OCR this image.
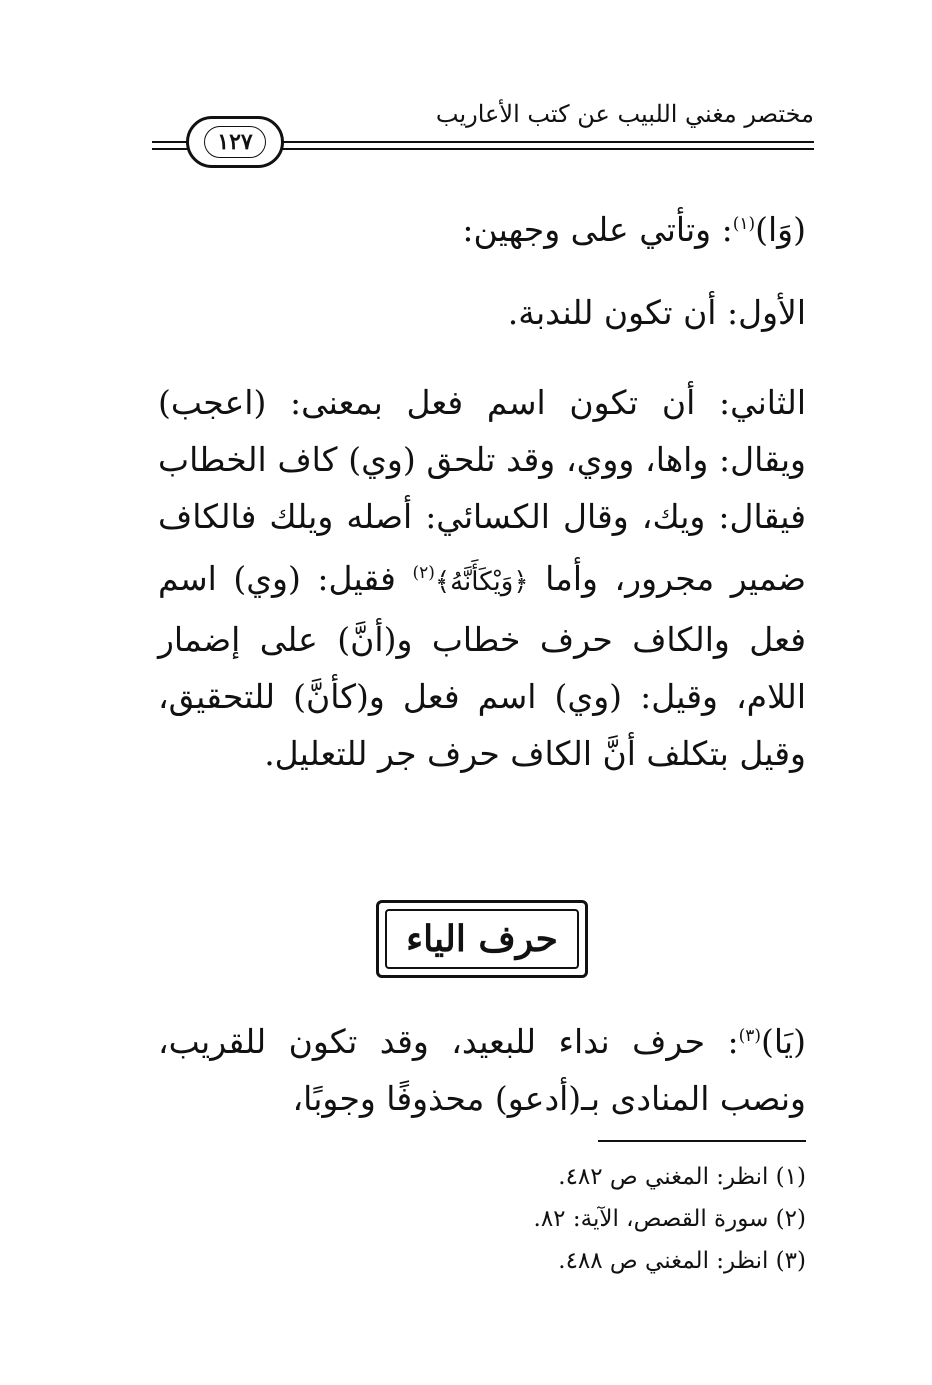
مختصر مغني اللبيب عن كتب الأعاريب
١٢٧
(وَا)$^{(١)}$: وتأتي على وجهين:
الأول: أن تكون للندبة.
الثاني: أن تكون اسم فعل بمعنى: (اعجب) ويقال: واها، ووي، وقد تلحق (وي) كاف الخطاب فيقال: ويك، وقال الكسائي: أصله ويلك فالكاف ضمير مجرور، وأما ﴿وَيْكَأَنَّهُ﴾$^{(٢)}$ فقيل: (وي) اسم فعل والكاف حرف خطاب و(أنَّ) على إضمار اللام، وقيل: (وي) اسم فعل و(كأنَّ) للتحقيق، وقيل بتكلف أنَّ الكاف حرف جر للتعليل.
حرف الياء
(يَا)$^{(٣)}$: حرف نداء للبعيد، وقد تكون للقريب، ونصب المنادى بـ(أدعو) محذوفًا وجوبًا،
(١) انظر: المغني ص ٤٨٢.
(٢) سورة القصص، الآية: ٨٢.
(٣) انظر: المغني ص ٤٨٨.
